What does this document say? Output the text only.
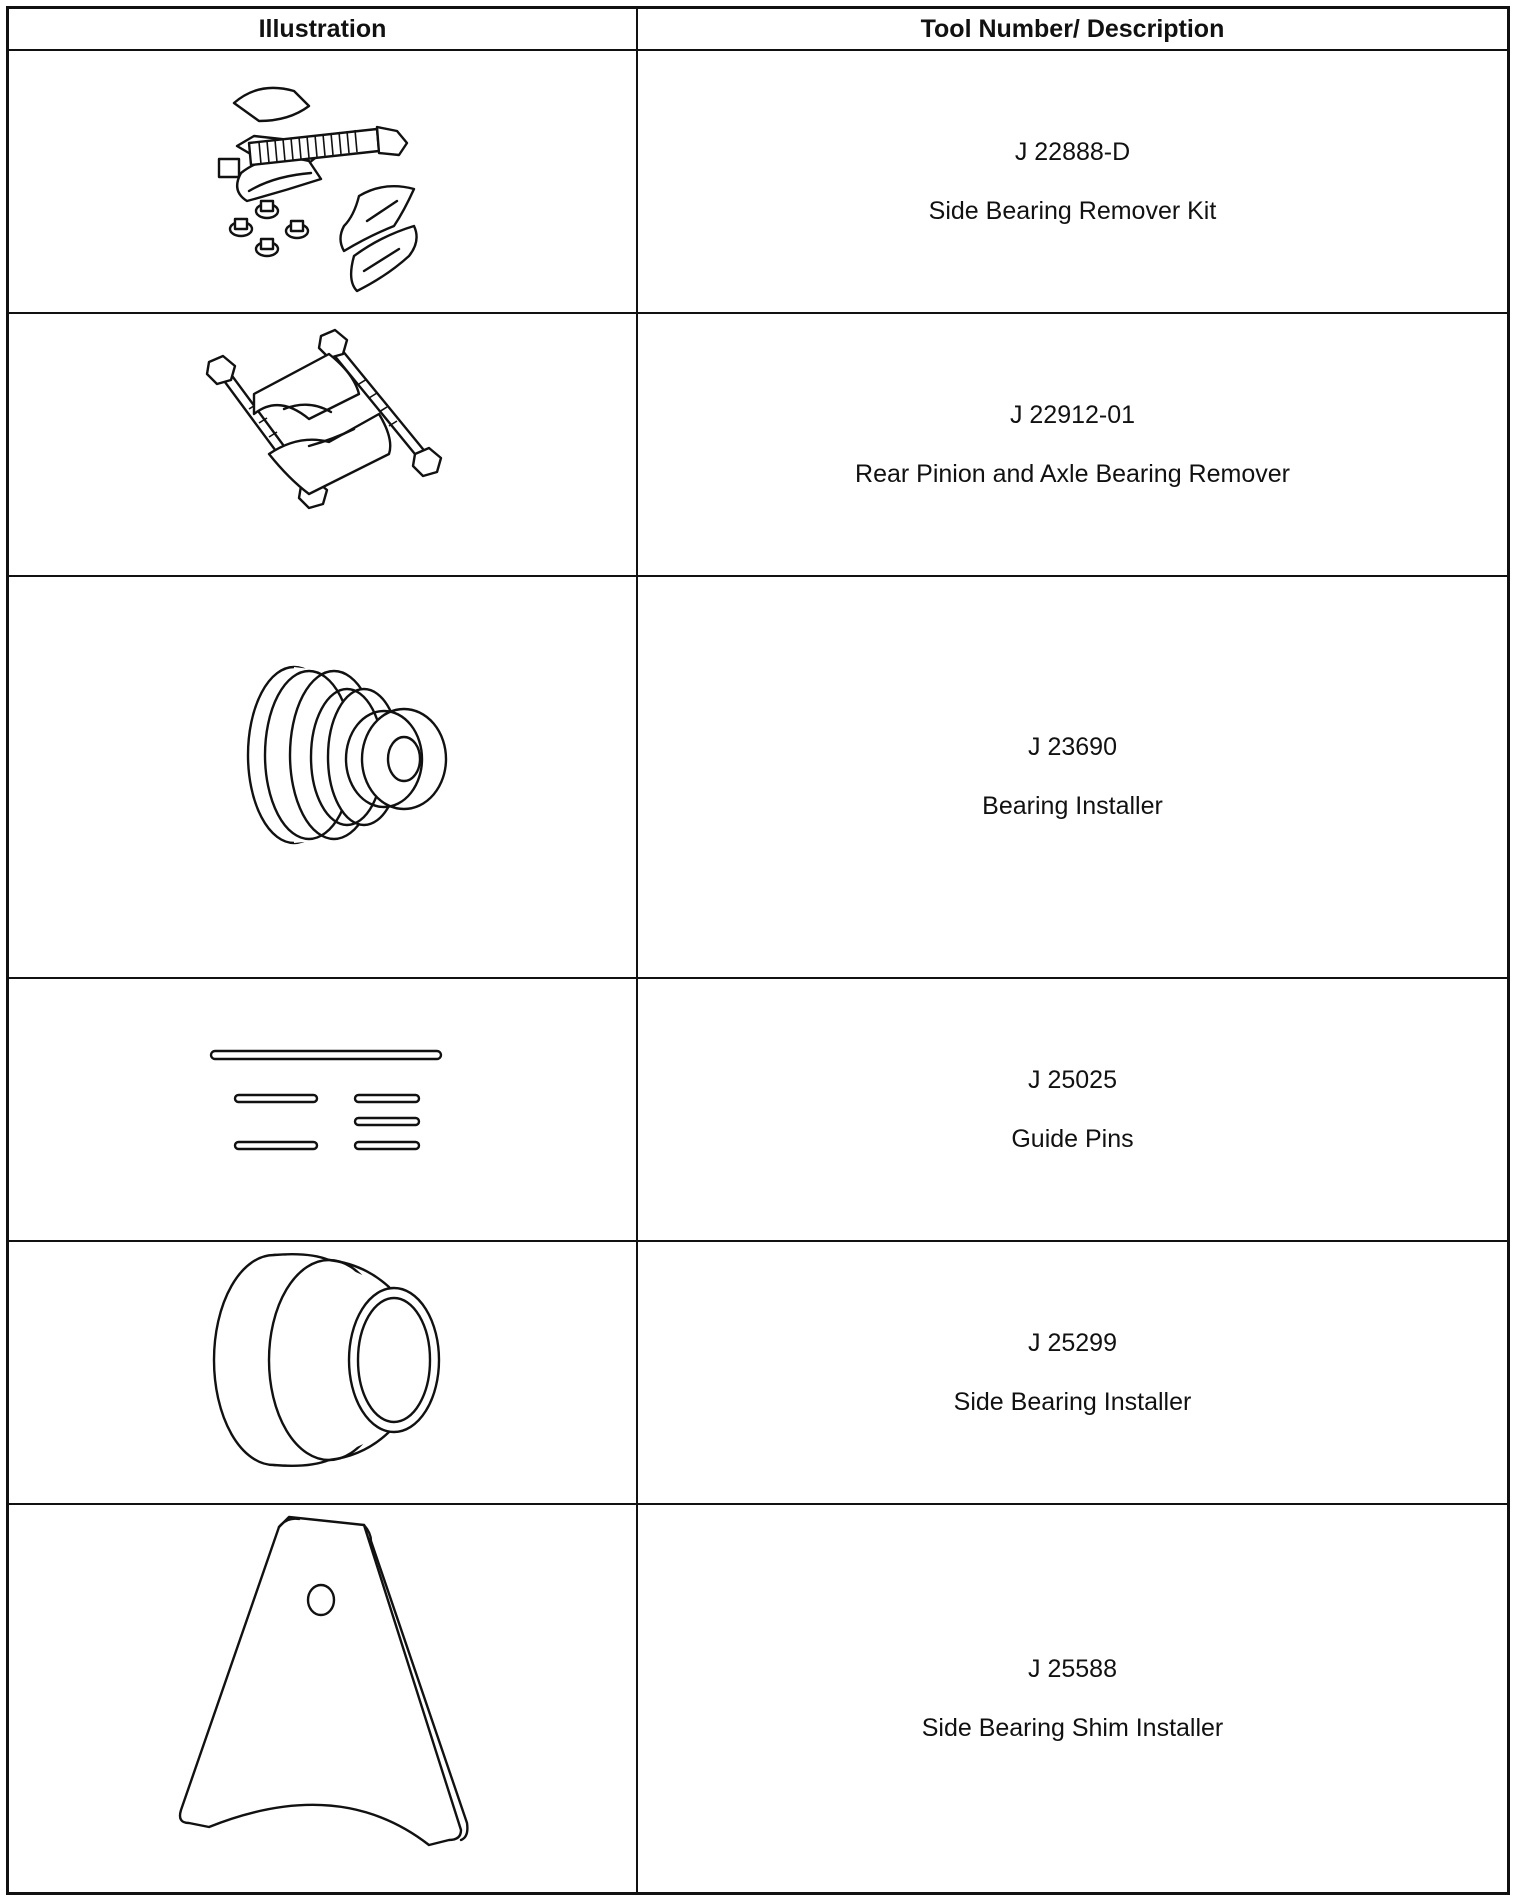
Illustration	Tool Number/ Description
J 22888-D
Side Bearing Remover Kit
J 22912-01
Rear Pinion and Axle Bearing Remover
J 23690
Bearing Installer
J 25025
Guide Pins
J 25299
Side Bearing Installer
J 25588
Side Bearing Shim Installer
